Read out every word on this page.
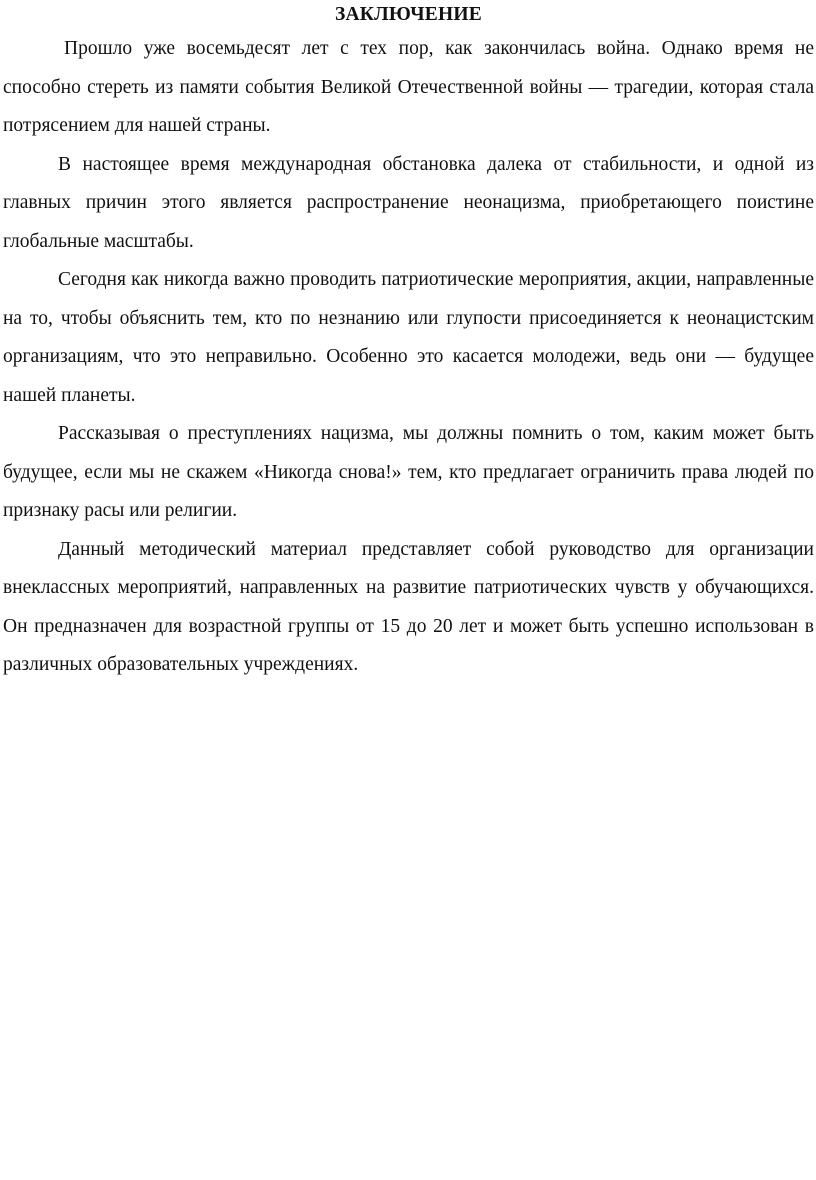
ЗАКЛЮЧЕНИЕ

Прошло уже восемьдесят лет с тех пор, как закончилась война. Однако время не способно стереть из памяти события Великой Отечественной войны — трагедии, которая стала потрясением для нашей страны.

В настоящее время международная обстановка далека от стабильности, и одной из главных причин этого является распространение неонацизма, приобретающего поистине глобальные масштабы.

Сегодня как никогда важно проводить патриотические мероприятия, акции, направленные на то, чтобы объяснить тем, кто по незнанию или глупости присоединяется к неонацистским организациям, что это неправильно. Особенно это касается молодежи, ведь они — будущее нашей планеты.

Рассказывая о преступлениях нацизма, мы должны помнить о том, каким может быть будущее, если мы не скажем «Никогда снова!» тем, кто предлагает ограничить права людей по признаку расы или религии.

Данный методический материал представляет собой руководство для организации внеклассных мероприятий, направленных на развитие патриотических чувств у обучающихся. Он предназначен для возрастной группы от 15 до 20 лет и может быть успешно использован в различных образовательных учреждениях.
